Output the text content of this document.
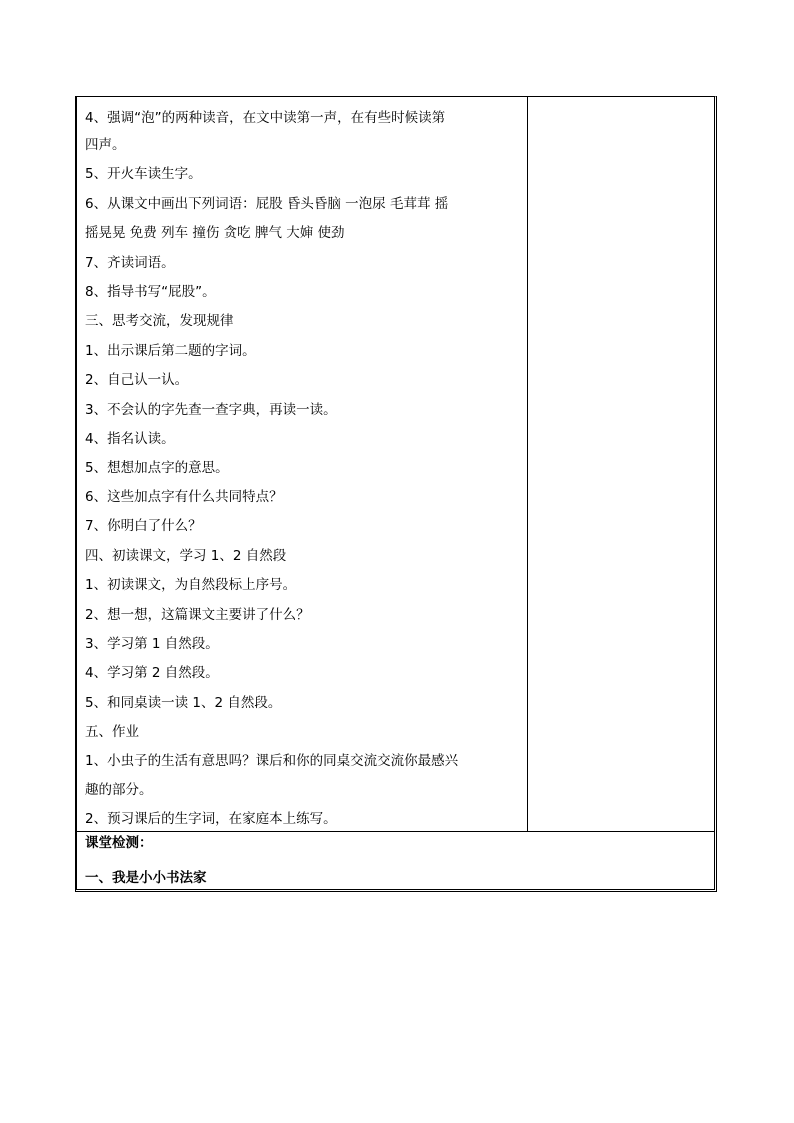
4、强调“泡”的两种读音，在文中读第一声，在有些时候读第
四声。
5、开火车读生字。
6、从课文中画出下列词语：屁股 昏头昏脑 一泡尿 毛茸茸 摇
摇晃晃 免费 列车 撞伤 贪吃 脾气 大婶 使劲
7、齐读词语。
8、指导书写“屁股”。
三、思考交流，发现规律
1、出示课后第二题的字词。
2、自己认一认。
3、不会认的字先查一查字典，再读一读。
4、指名认读。
5、想想加点字的意思。
6、这些加点字有什么共同特点？
7、你明白了什么？
四、初读课文，学习 1、2 自然段
1、初读课文，为自然段标上序号。
2、想一想，这篇课文主要讲了什么？
3、学习第 1 自然段。
4、学习第 2 自然段。
5、和同桌读一读 1、2 自然段。
五、作业
1、小虫子的生活有意思吗？课后和你的同桌交流交流你最感兴
趣的部分。
2、预习课后的生字词，在家庭本上练写。
课堂检测：
一、我是小小书法家
